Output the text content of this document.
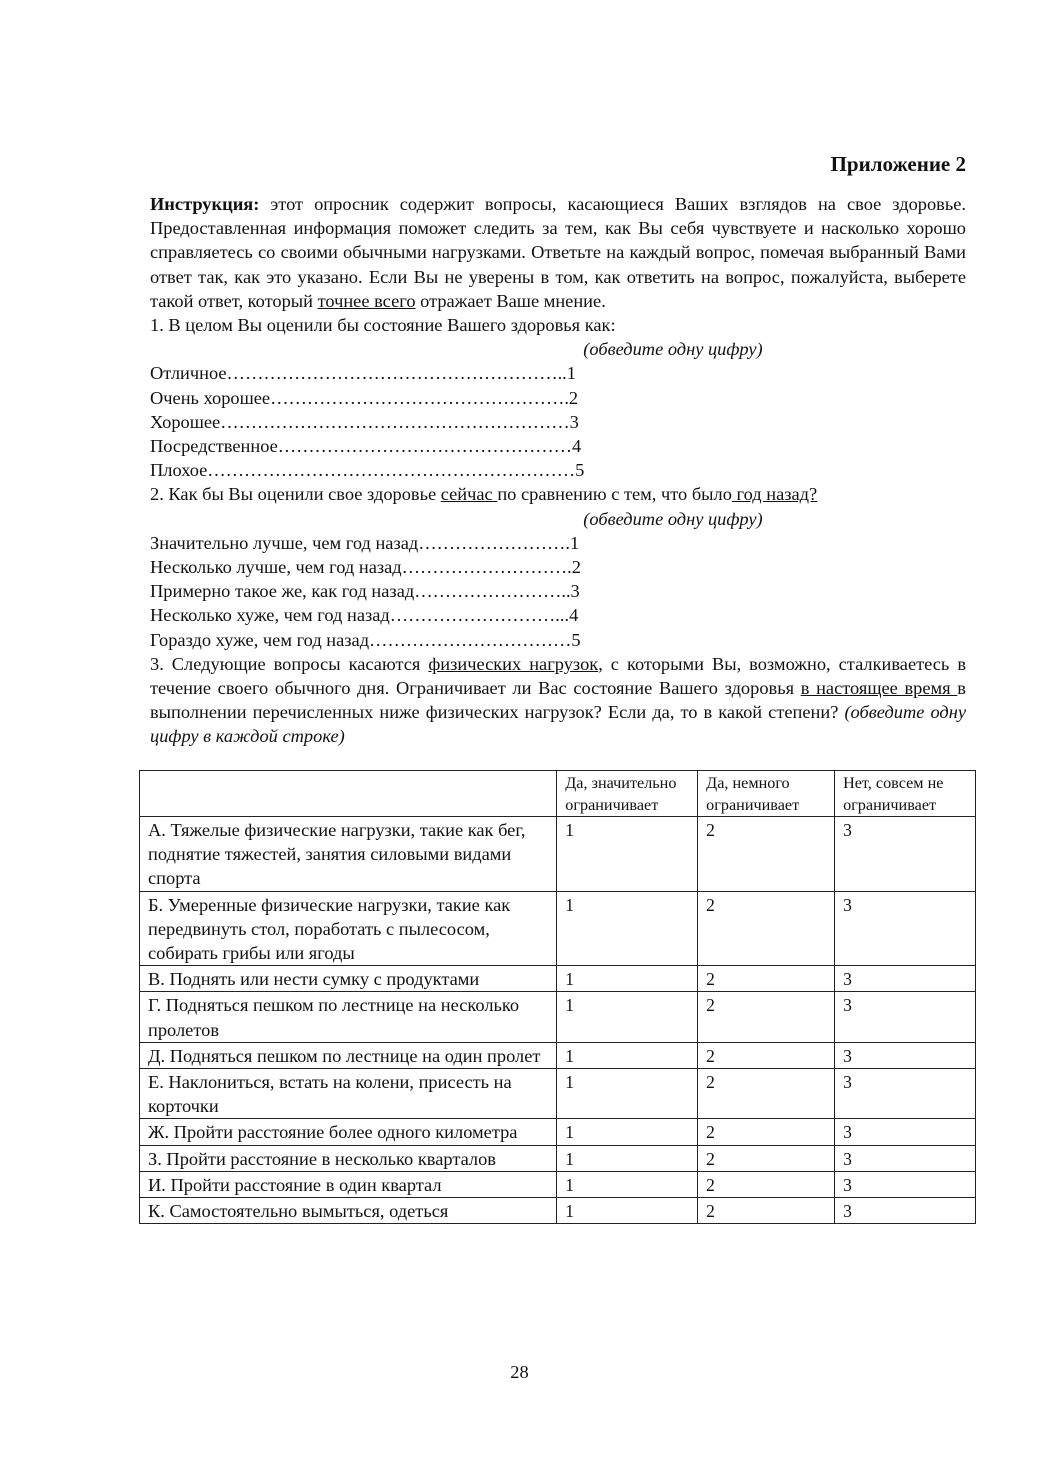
Приложение 2

Инструкция: этот опросник содержит вопросы, касающиеся Ваших взглядов на свое здоровье. Предоставленная информация поможет следить за тем, как Вы себя чувствуете и насколько хорошо справляетесь со своими обычными нагрузками. Ответьте на каждый вопрос, помечая выбранный Вами ответ так, как это указано. Если Вы не уверены в том, как ответить на вопрос, пожалуйста, выберете такой ответ, который точнее всего отражает Ваше мнение.

1. В целом Вы оценили бы состояние Вашего здоровья как:

(обведите одну цифру)

Отличное………………………………………………..1

Очень хорошее………………………………………….2

Хорошее…………………………………………………3

Посредственное…………………………………………4

Плохое……………………………………………………5

2. Как бы Вы оценили свое здоровье сейчас по сравнению с тем, что было год назад?

(обведите одну цифру)

Значительно лучше, чем год назад…………………….1

Несколько лучше, чем год назад……………………….2

Примерно такое же, как год назад……………………..3

Несколько хуже, чем год назад………………………...4

Гораздо хуже, чем год назад……………………………5

3. Следующие вопросы касаются физических нагрузок, с которыми Вы, возможно, сталкиваетесь в течение своего обычного дня. Ограничивает ли Вас состояние Вашего здоровья в настоящее время в выполнении перечисленных ниже физических нагрузок? Если да, то в какой степени? (обведите одну цифру в каждой строке)

	Да, значительно ограничивает	Да, немного ограничивает	Нет, совсем не ограничивает
А. Тяжелые физические нагрузки, такие как бег, поднятие тяжестей, занятия силовыми видами спорта	1	2	3
Б. Умеренные физические нагрузки, такие как передвинуть стол, поработать с пылесосом, собирать грибы или ягоды	1	2	3
В. Поднять или нести сумку с продуктами	1	2	3
Г. Подняться пешком по лестнице на несколько пролетов	1	2	3
Д. Подняться пешком по лестнице на один пролет	1	2	3
Е. Наклониться, встать на колени, присесть на корточки	1	2	3
Ж. Пройти расстояние более одного километра	1	2	3
З. Пройти расстояние в несколько кварталов	1	2	3
И. Пройти расстояние в один квартал	1	2	3
К. Самостоятельно вымыться, одеться	1	2	3
28
